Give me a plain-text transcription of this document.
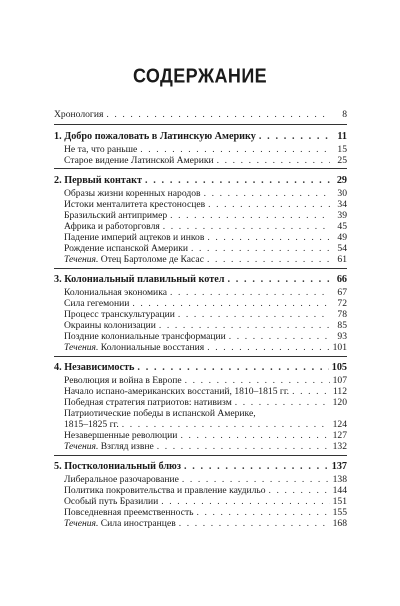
СОДЕРЖАНИЕ
Хронология . . .	8
1. Добро пожаловать в Латинскую Америку . . .	11
Не та, что раньше . . .	15
Старое видение Латинской Америки . . .	25
2. Первый контакт . . .	29
Образы жизни коренных народов . . .	30
Истоки менталитета крестоносцев . . .	34
Бразильский антипример . . .	39
Африка и работорговля . . .	45
Падение империй ацтеков и инков . . .	49
Рождение испанской Америки . . .	54
Течения. Отец Бартоломе де Касас . . .	61
3. Колониальный плавильный котел . . .	66
Колониальная экономика . . .	67
Сила гегемонии . . .	72
Процесс транскультурации . . .	78
Окраины колонизации . . .	85
Поздние колониальные трансформации . . .	93
Течения. Колониальные восстания . . .	101
4. Независимость . . .	105
Революция и война в Европе . . .	107
Начало испано-американских восстаний, 1810–1815 гг. . . .	112
Победная стратегия патриотов: нативизм . . .	120
Патриотические победы в испанской Америке,
1815–1825 гг. . . .	124
Незавершенные революции . . .	127
Течения. Взгляд извне . . .	132
5. Постколониальный блюз . . .	137
Либеральное разочарование . . .	138
Политика покровительства и правление каудильо . . .	144
Особый путь Бразилии . . .	151
Повседневная преемственность . . .	155
Течения. Сила иностранцев . . .	168
